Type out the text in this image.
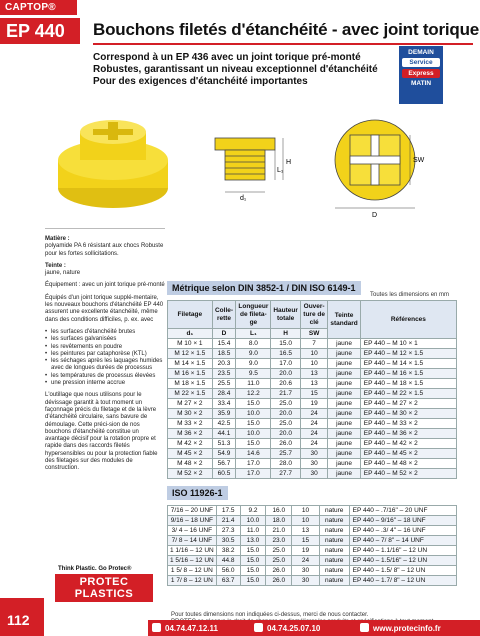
CAPTOP®
EP 440	Bouchons filetés d'étanchéité - avec joint torique
Correspond à un EP 436 avec un joint torique pré-monté
Robustes, garantissant un niveau exceptionnel d'étanchéité
Pour des exigences d'étanchéité importantes
DEMAIN
Service
Express
MATIN
H
L₁
d₁
SW
D

Matière :
polyamide PA 6 résistant aux chocs Robuste pour les fortes sollicitations.

Teinte :
jaune, nature

Équipement : avec un joint torique pré-monté

Équipés d'un joint torique supplé-mentaire, les nouveaux bouchons d'étanchéité EP 440 assurent une excellente étanchéité, même dans des conditions difficiles, p. ex. avec

• les surfaces d'étanchéité brutes
• les surfaces galvanisées
• les revêtements en poudre
• les peintures par cataphorèse (KTL)
• les séchages après les laquages humides avec de longues durées de processus
• les températures de processus élevées
• une pression interne accrue

L'outillage que nous utilisons pour le dévissage garantit à tout moment un façonnage précis du filetage et de la lèvre d'étanchéité circulaire, sans bavure de démoulage. Cette préci-sion de nos bouchons d'étanchéité constitue un avantage décisif pour la rotation propre et rapide dans des raccords filetés hypersensibles ou pour la protection fiable des filetages sur des modules de construction.

Think Plastic. Go Protec®
PROTEC
PLASTICS
Métrique selon DIN 3852-1 / DIN ISO 6149-1
Toutes les dimensions en mm
Filetage	Colle-rette	Longueur de fileta-ge	Hauteur totale	Ouver-ture de clé	Teinte standard	Références
d₁	D	L₁	H	SW		
M 10 × 1	15.4	8.0	15.0	7	jaune	EP 440 – M 10 × 1
M 12 × 1.5	18.5	9.0	16.5	10	jaune	EP 440 – M 12 × 1.5
M 14 × 1.5	20.3	9.0	17.0	10	jaune	EP 440 – M 14 × 1.5
M 16 × 1.5	23.5	9.5	20.0	13	jaune	EP 440 – M 16 × 1.5
M 18 × 1.5	25.5	11.0	20.6	13	jaune	EP 440 – M 18 × 1.5
M 22 × 1.5	28.4	12.2	21.7	15	jaune	EP 440 – M 22 × 1.5
M 27 × 2	33.4	15.0	25.0	19	jaune	EP 440 – M 27 × 2
M 30 × 2	35.9	10.0	20.0	24	jaune	EP 440 – M 30 × 2
M 33 × 2	42.5	15.0	25.0	24	jaune	EP 440 – M 33 × 2
M 36 × 2	44.1	10.0	20.0	24	jaune	EP 440 – M 36 × 2
M 42 × 2	51.3	15.0	26.0	24	jaune	EP 440 – M 42 × 2
M 45 × 2	54.9	14.6	25.7	30	jaune	EP 440 – M 45 × 2
M 48 × 2	56.7	17.0	28.0	30	jaune	EP 440 – M 48 × 2
M 52 × 2	60.5	17.0	27.7	30	jaune	EP 440 – M 52 × 2
ISO 11926-1
7/16 – 20 UNF	17.5	9.2	16.0	10	nature	EP 440 – .7/16" – 20 UNF
9/16 – 18 UNF	21.4	10.0	18.0	10	nature	EP 440 – 9/16" – 18 UNF
3/ 4 – 16 UNF	27.3	11.0	21.0	13	nature	EP 440 – .3/ 4" – 16 UNF
7/ 8 – 14 UNF	30.5	13.0	23.0	15	nature	EP 440 – 7/ 8" – 14 UNF
1 1/16 – 12 UN	38.2	15.0	25.0	19	nature	EP 440 – 1.1/16" – 12 UN
1 5/16 – 12 UN	44.8	15.0	25.0	24	nature	EP 440 – 1.5/16" – 12 UN
1 5/ 8 – 12 UN	56.0	15.0	26.0	30	nature	EP 440 – 1.5/ 8" – 12 UN
1 7/ 8 – 12 UN	63.7	15.0	26.0	30	nature	EP 440 – 1.7/ 8" – 12 UN
Pour toutes dimensions non indiquées ci-dessus, merci de nous contacter.
112
04.74.47.12.11	04.74.25.07.10	www.protecinfo.fr
